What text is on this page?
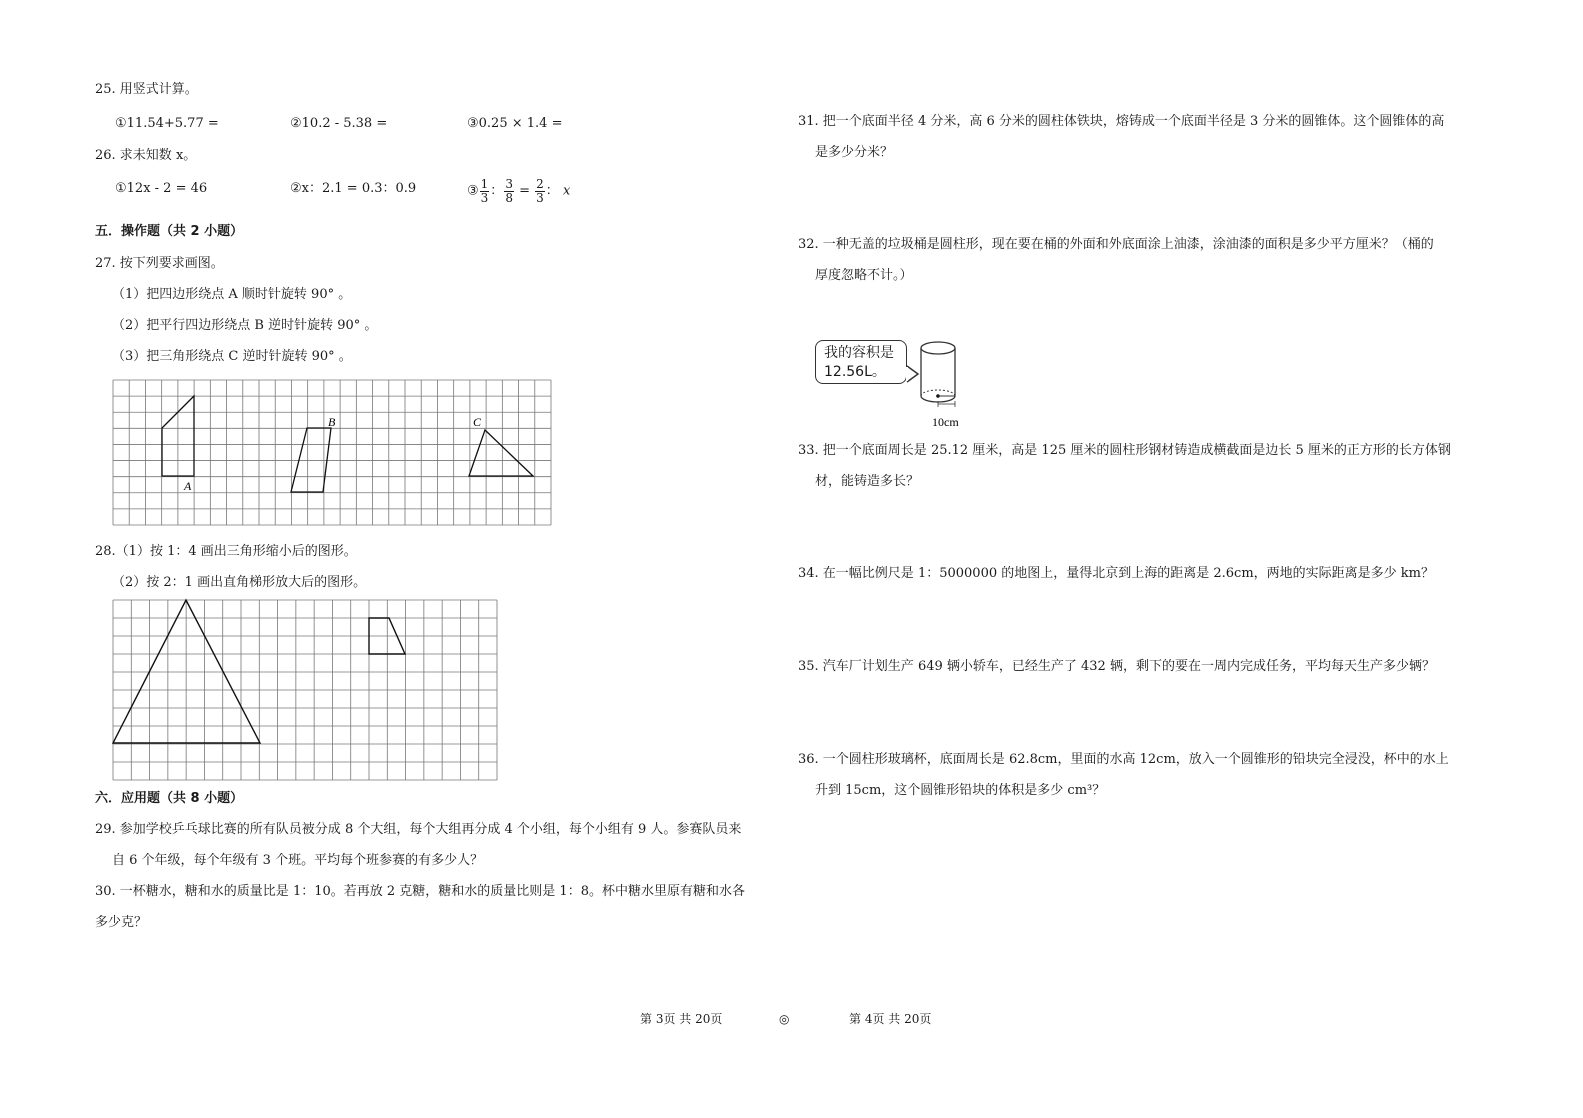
25. 用竖式计算。
①11.54+5.77 =	②10.2 - 5.38 =	③0.25 × 1.4 =
26. 求未知数 x。
①12x - 2 = 46	②x：2.1 = 0.3：0.9	③ $\frac{1}{3}$ ： $\frac{3}{8} = \frac{2}{3}$ ： x
五．操作题（共 2 小题）
27. 按下列要求画图。
（1）把四边形绕点 A 顺时针旋转 90° 。
（2）把平行四边形绕点 B 逆时针旋转 90° 。
（3）把三角形绕点 C 逆时针旋转 90° 。
A
B	C
28.（1）按 1：4 画出三角形缩小后的图形。
（2）按 2：1 画出直角梯形放大后的图形。
六．应用题（共 8 小题）
29. 参加学校乒乓球比赛的所有队员被分成 8 个大组，每个大组再分成 4 个小组，每个小组有 9 人。参赛队员来
自 6 个年级，每个年级有 3 个班。平均每个班参赛的有多少人？
30. 一杯糖水，糖和水的质量比是 1：10。若再放 2 克糖，糖和水的质量比则是 1：8。杯中糖水里原有糖和水各
多少克？
31. 把一个底面半径 4 分米，高 6 分米的圆柱体铁块，熔铸成一个底面半径是 3 分米的圆锥体。这个圆锥体的高
是多少分米？
32. 一种无盖的垃圾桶是圆柱形，现在要在桶的外面和外底面涂上油漆，涂油漆的面积是多少平方厘米？（桶的
厚度忽略不计。）
我的容积是
12.56L。
10cm
33. 把一个底面周长是 25.12 厘米，高是 125 厘米的圆柱形钢材铸造成横截面是边长 5 厘米的正方形的长方体钢
材，能铸造多长？
34. 在一幅比例尺是 1：5000000 的地图上，量得北京到上海的距离是 2.6cm，两地的实际距离是多少 km？
35. 汽车厂计划生产 649 辆小轿车，已经生产了 432 辆，剩下的要在一周内完成任务，平均每天生产多少辆？
36. 一个圆柱形玻璃杯，底面周长是 62.8cm，里面的水高 12cm，放入一个圆锥形的铅块完全浸没，杯中的水上
升到 15cm，这个圆锥形铅块的体积是多少 cm³？
第 3页 共 20页	◎	第 4页 共 20页
